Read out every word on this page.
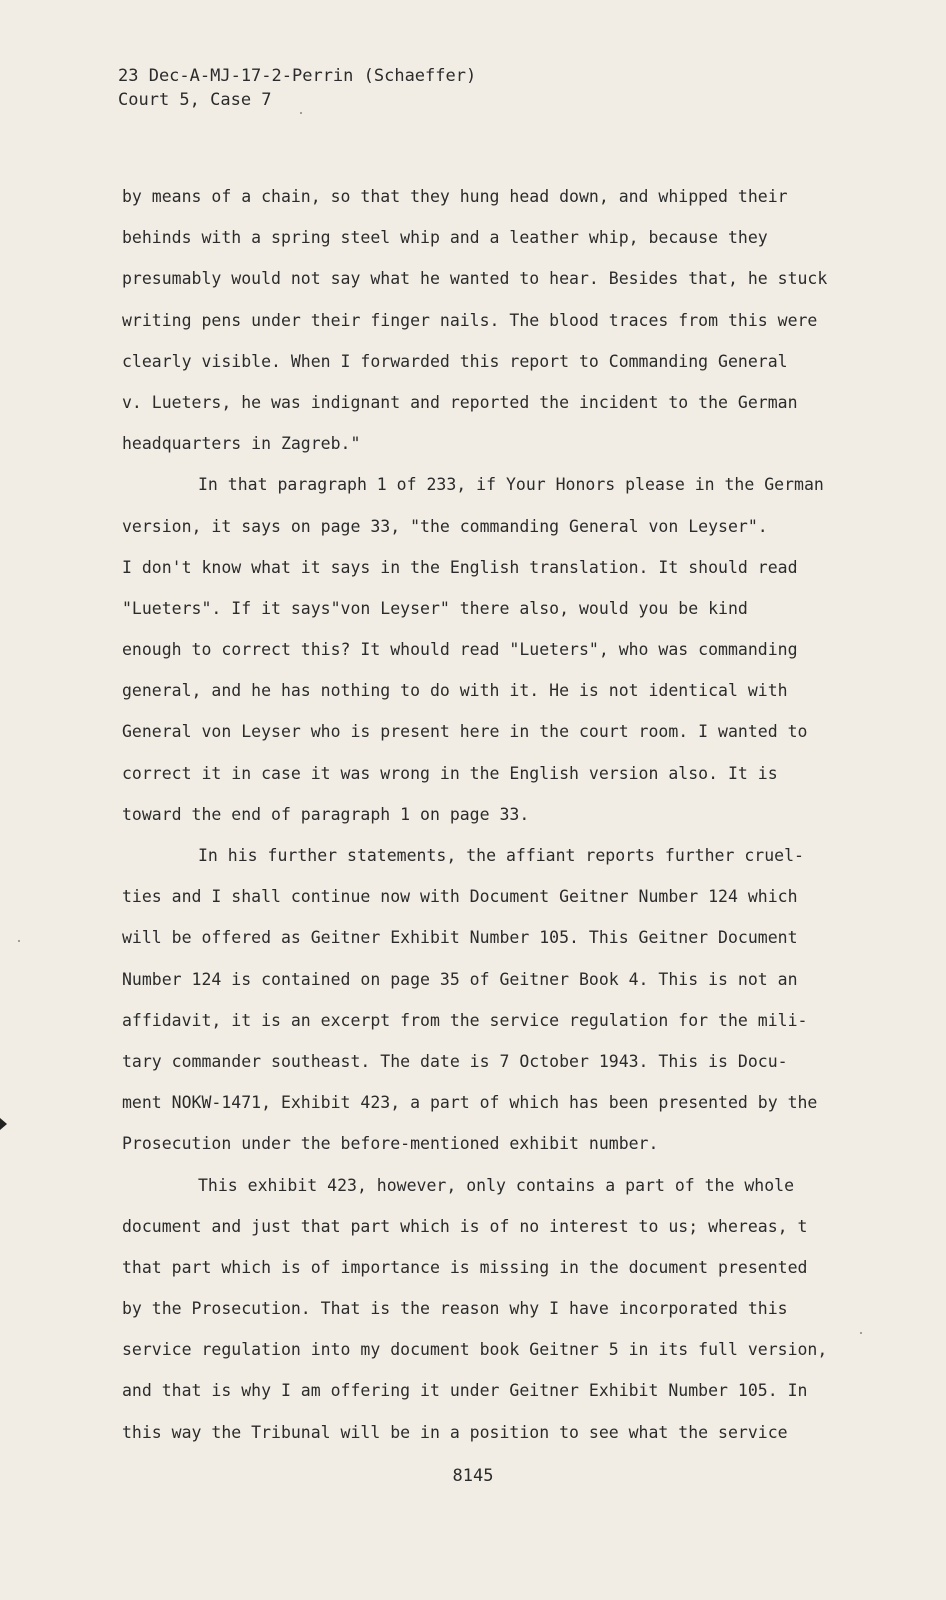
23 Dec-A-MJ-17-2-Perrin (Schaeffer)
Court 5, Case 7
by means of a chain, so that they hung head down, and whipped their
behinds with a spring steel whip and a leather whip, because they
presumably would not say what he wanted to hear. Besides that, he stuck
writing pens under their finger nails. The blood traces from this were
clearly visible. When I forwarded this report to Commanding General
v. Lueters, he was indignant and reported the incident to the German
headquarters in Zagreb."
In that paragraph 1 of 233, if Your Honors please in the German
version, it says on page 33, "the commanding General von Leyser".
I don't know what it says in the English translation. It should read
"Lueters". If it says"von Leyser" there also, would you be kind
enough to correct this? It whould read "Lueters", who was commanding
general, and he has nothing to do with it. He is not identical with
General von Leyser who is present here in the court room. I wanted to
correct it in case it was wrong in the English version also. It is
toward the end of paragraph 1 on page 33.
In his further statements, the affiant reports further cruel-
ties and I shall continue now with Document Geitner Number 124 which
will be offered as Geitner Exhibit Number 105. This Geitner Document
Number 124 is contained on page 35 of Geitner Book 4. This is not an
affidavit, it is an excerpt from the service regulation for the mili-
tary commander southeast. The date is 7 October 1943. This is Docu-
ment NOKW-1471, Exhibit 423, a part of which has been presented by the
Prosecution under the before-mentioned exhibit number.
This exhibit 423, however, only contains a part of the whole
document and just that part which is of no interest to us; whereas, t
that part which is of importance is missing in the document presented
by the Prosecution. That is the reason why I have incorporated this
service regulation into my document book Geitner 5 in its full version,
and that is why I am offering it under Geitner Exhibit Number 105. In
this way the Tribunal will be in a position to see what the service
8145
